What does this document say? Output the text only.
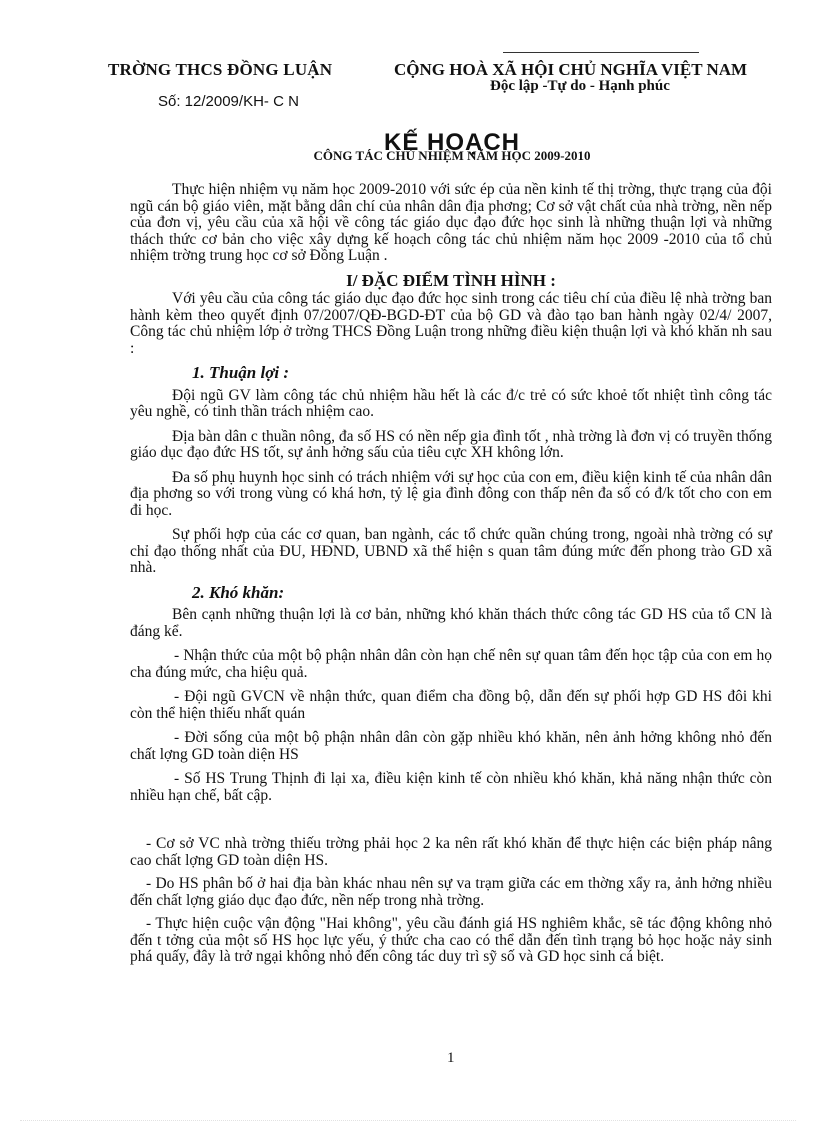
TRỜNG THCS ĐỒNG LUẬN	CỘNG HOÀ XÃ HỘI CHỦ NGHĨA VIỆT NAM
Độc lập -Tự do - Hạnh phúc
Số: 12/2009/KH- C N
KẾ HOẠCH
CÔNG TÁC CHỦ NHIỆM NĂM HỌC 2009-2010

Thực hiện nhiệm vụ năm học 2009-2010 với sức ép của nền kinh tế thị trờng, thực trạng của đội ngũ cán bộ giáo viên, mặt bằng dân chí của nhân dân địa phơng; Cơ sở vật chất của nhà trờng, nền nếp của đơn vị, yêu cầu của xã hội về công tác giáo dục đạo đức học sinh là những thuận lợi và những thách thức cơ bản cho việc xây dựng kế hoạch công tác chủ nhiệm năm học 2009 -2010 của tổ chủ nhiệm trờng trung học cơ sở Đồng Luận .

I/ ĐẶC ĐIỂM TÌNH HÌNH :

Với yêu cầu của công tác giáo dục đạo đức học sinh trong các tiêu chí của điều lệ nhà trờng ban hành kèm theo quyết định 07/2007/QĐ-BGD-ĐT của bộ GD và đào tạo ban hành ngày 02/4/ 2007, Công tác chủ nhiệm lớp ở trờng THCS Đồng Luận trong những điều kiện thuận lợi và khó khăn nh sau :

1. Thuận lợi :

Đội ngũ GV làm công tác chủ nhiệm hầu hết là các đ/c trẻ có sức khoẻ tốt nhiệt tình công tác yêu nghề, có tinh thần trách nhiệm cao.

Địa bàn dân c thuần nông, đa số HS có nền nếp gia đình tốt , nhà trờng là đơn vị có truyền thống giáo dục đạo đức HS tốt, sự ảnh hởng sấu của tiêu cực XH không lớn.

Đa số phụ huynh học sinh có trách nhiệm với sự học của con em, điều kiện kinh tế của nhân dân địa phơng so với trong vùng có khá hơn, tỷ lệ gia đình đông con thấp nên đa số có đ/k tốt cho con em đi học.

Sự phối hợp của các cơ quan, ban ngành, các tổ chức quần chúng trong, ngoài nhà trờng có sự chỉ đạo thống nhất của ĐU, HĐND, UBND xã thể hiện s quan tâm đúng mức đến phong trào GD xã nhà.

2. Khó khăn:

Bên cạnh những thuận lợi là cơ bản, những khó khăn thách thức công tác GD HS của tổ CN là đáng kể.

- Nhận thức của một bộ phận nhân dân còn hạn chế nên sự quan tâm đến học tập của con em họ cha đúng mức, cha hiệu quả.

- Đội ngũ GVCN về nhận thức, quan điểm cha đồng bộ, dẫn đến sự phối hợp GD HS đôi khi còn thể hiện thiếu nhất quán

- Đời sống của một bộ phận nhân dân còn gặp nhiều khó khăn, nên ảnh hởng không nhỏ đến chất lợng GD toàn diện HS

- Số HS Trung Thịnh đi lại xa, điều kiện kinh tế còn nhiều khó khăn, khả năng nhận thức còn nhiều hạn chế, bất cập.

- Cơ sở VC nhà trờng thiếu trờng phải học 2 ka nên rất khó khăn để thực hiện các biện pháp nâng cao chất lợng GD toàn diện HS.

- Do HS phân bố ở hai địa bàn khác nhau nên sự va trạm giữa các em thờng xẩy ra, ảnh hởng nhiều đến chất lợng giáo dục đạo đức, nền nếp trong nhà trờng.

- Thực hiện cuộc vận động "Hai không", yêu cầu đánh giá HS nghiêm khắc, sẽ tác động không nhỏ đến t tởng của một số HS học lực yếu, ý thức cha cao có thể dẫn đến tình trạng bỏ học hoặc nảy sinh phá quấy, đây là trở ngại không nhỏ đến công tác duy trì sỹ số và GD học sinh cá biệt.

1
